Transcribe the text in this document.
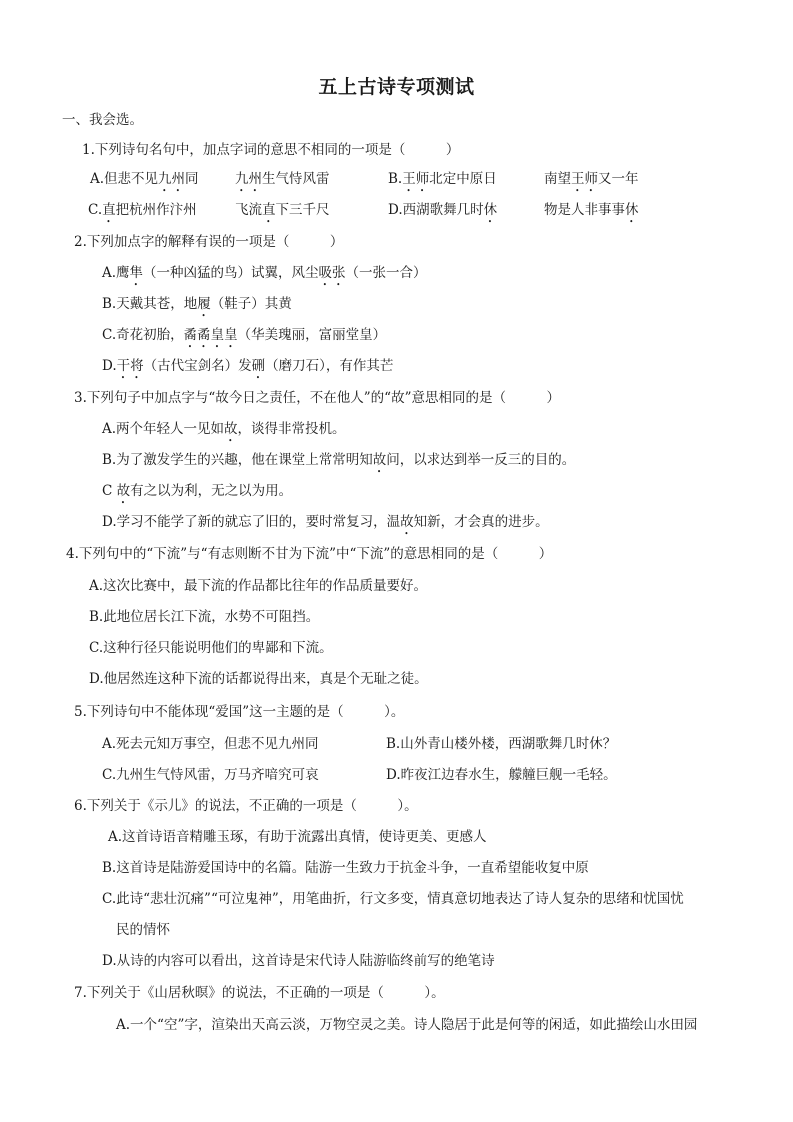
五上古诗专项测试
一、我会选。
1.下列诗句名句中，加点字词的意思不相同的一项是（　　　）
A.但悲不见九州同	九州生气恃风雷	B.王师北定中原日	南望王师又一年
C.直把杭州作汴州	飞流直下三千尺	D.西湖歌舞几时休	物是人非事事休
2.下列加点字的解释有误的一项是（　　　）
A.鹰隼（一种凶猛的鸟）试翼，风尘吸张（一张一合）
B.天戴其苍，地履（鞋子）其黄
C.奇花初胎，矞矞皇皇（华美瑰丽，富丽堂皇）
D.干将（古代宝剑名）发硎（磨刀石），有作其芒
3.下列句子中加点字与“故今日之责任，不在他人”的“故”意思相同的是（　　　）
A.两个年轻人一见如故，谈得非常投机。
B.为了激发学生的兴趣，他在课堂上常常明知故问，以求达到举一反三的目的。
C 故有之以为利，无之以为用。
D.学习不能学了新的就忘了旧的，要时常复习，温故知新，才会真的进步。
4.下列句中的“下流”与“有志则断不甘为下流”中“下流”的意思相同的是（　　　）
A.这次比赛中，最下流的作品都比往年的作品质量要好。
B.此地位居长江下流，水势不可阻挡。
C.这种行径只能说明他们的卑鄙和下流。
D.他居然连这种下流的话都说得出来，真是个无耻之徒。
5.下列诗句中不能体现“爱国”这一主题的是（　　　）。
A.死去元知万事空，但悲不见九州同	B.山外青山楼外楼，西湖歌舞几时休？
C.九州生气恃风雷，万马齐喑究可哀	D.昨夜江边春水生，艨艟巨舰一毛轻。
6.下列关于《示儿》的说法，不正确的一项是（　　　）。
A.这首诗语音精雕玉琢，有助于流露出真情，使诗更美、更感人
B.这首诗是陆游爱国诗中的名篇。陆游一生致力于抗金斗争，一直希望能收复中原
C.此诗“悲壮沉痛”“可泣鬼神”，用笔曲折，行文多变，情真意切地表达了诗人复杂的思绪和忧国忧
民的情怀
D.从诗的内容可以看出，这首诗是宋代诗人陆游临终前写的绝笔诗
7.下列关于《山居秋暝》的说法，不正确的一项是（　　　）。
A.一个“空”字，渲染出天高云淡，万物空灵之美。诗人隐居于此是何等的闲适，如此描绘山水田园
